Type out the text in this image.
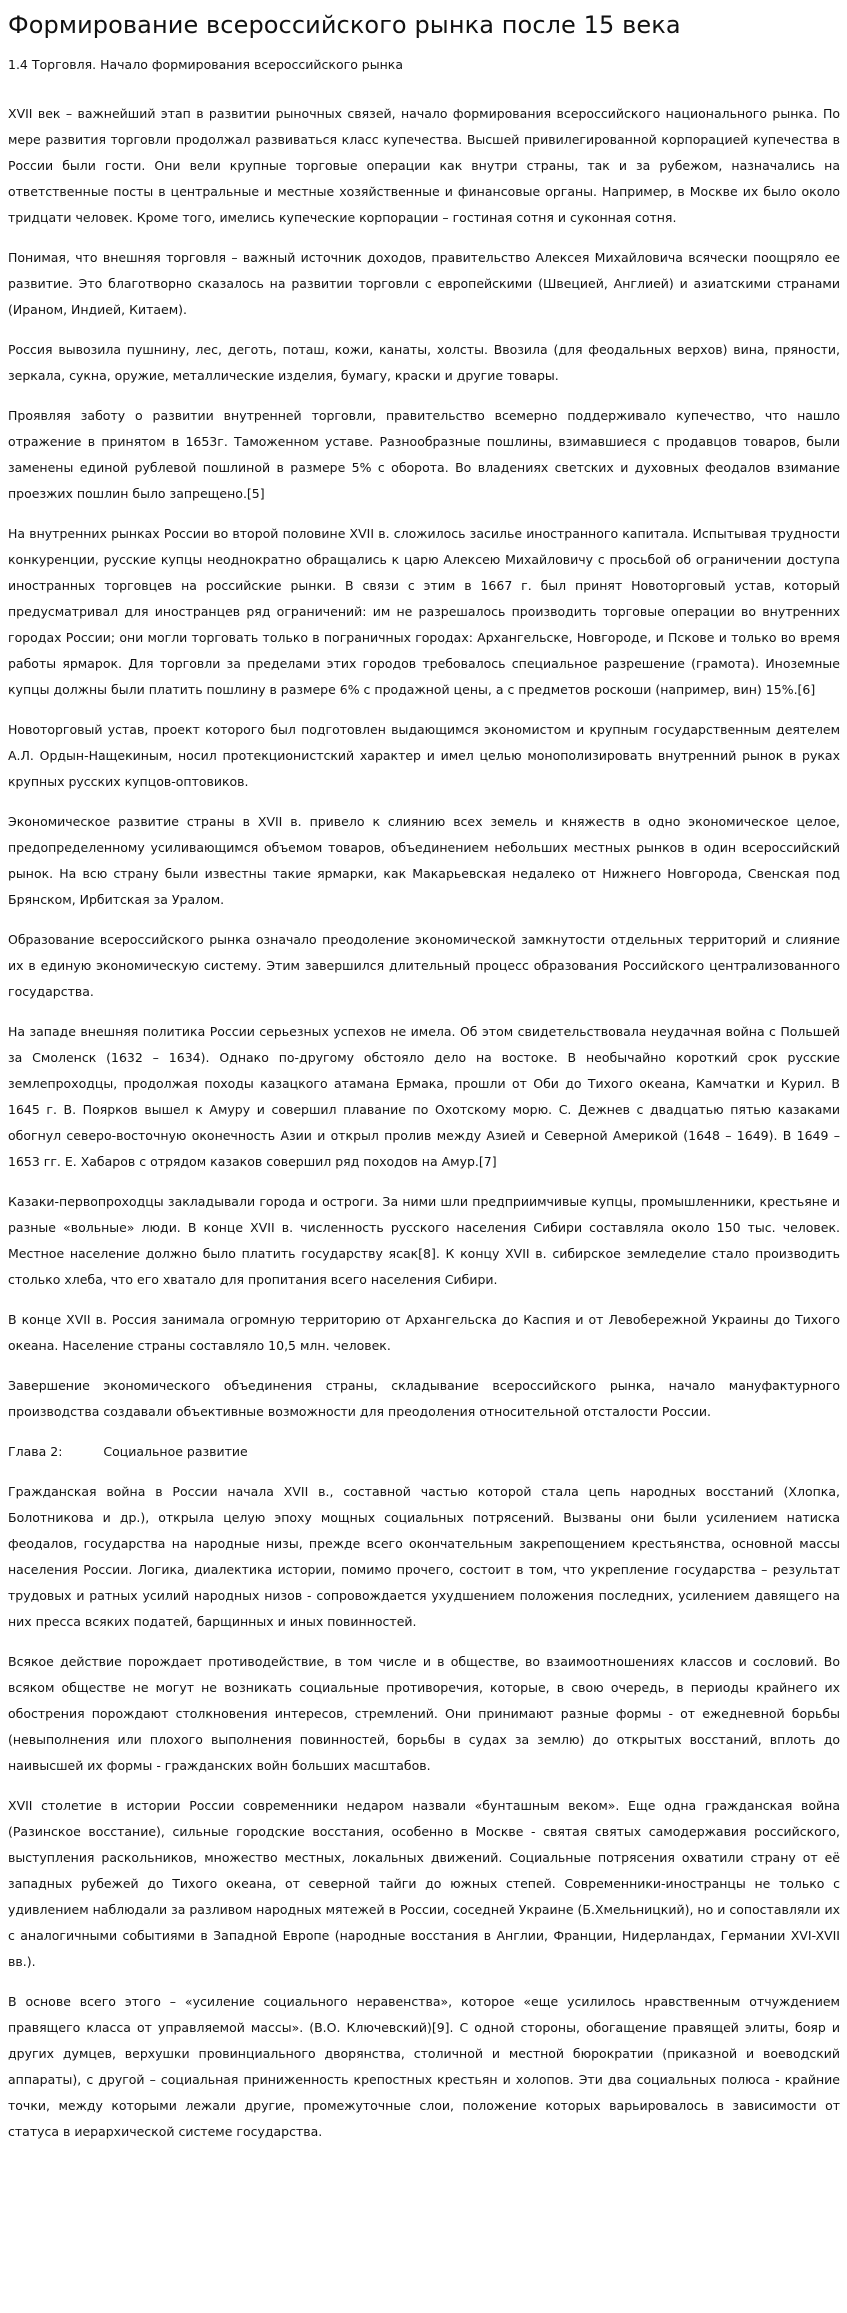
Формирование всероссийского рынка после 15 века

1.4 Торговля. Начало формирования всероссийского рынка

XVII век – важнейший этап в развитии рыночных связей, начало формирования всероссийского национального рынка. По мере развития торговли продолжал развиваться класс купечества. Высшей привилегированной корпорацией купечества в России были гости. Они вели крупные торговые операции как внутри страны, так и за рубежом, назначались на ответственные посты в центральные и местные хозяйственные и финансовые органы. Например, в Москве их было около тридцати человек. Кроме того, имелись купеческие корпорации – гостиная сотня и суконная сотня.

Понимая, что внешняя торговля – важный источник доходов, правительство Алексея Михайловича всячески поощряло ее развитие. Это благотворно сказалось на развитии торговли с европейскими (Швецией, Англией) и азиатскими странами (Ираном, Индией, Китаем).

Россия вывозила пушнину, лес, деготь, поташ, кожи, канаты, холсты. Ввозила (для феодальных верхов) вина, пряности, зеркала, сукна, оружие, металлические изделия, бумагу, краски и другие товары.

Проявляя заботу о развитии внутренней торговли, правительство всемерно поддерживало купечество, что нашло отражение в принятом в 1653г. Таможенном уставе. Разнообразные пошлины, взимавшиеся с продавцов товаров, были заменены единой рублевой пошлиной в размере 5% с оборота. Во владениях светских и духовных феодалов взимание проезжих пошлин было запрещено.[5]

На внутренних рынках России во второй половине XVII в. сложилось засилье иностранного капитала. Испытывая трудности конкуренции, русские купцы неоднократно обращались к царю Алексею Михайловичу с просьбой об ограничении доступа иностранных торговцев на российские рынки. В связи с этим в 1667 г. был принят Новоторговый устав, который предусматривал для иностранцев ряд ограничений: им не разрешалось производить торговые операции во внутренних городах России; они могли торговать только в пограничных городах: Архангельске, Новгороде, и Пскове и только во время работы ярмарок. Для торговли за пределами этих городов требовалось специальное разрешение (грамота). Иноземные купцы должны были платить пошлину в размере 6% с продажной цены, а с предметов роскоши (например, вин) 15%.[6]

Новоторговый устав, проект которого был подготовлен выдающимся экономистом и крупным государственным деятелем А.Л. Ордын-Нащекиным, носил протекционистский характер и имел целью монополизировать внутренний рынок в руках крупных русских купцов-оптовиков.

Экономическое развитие страны в XVII в. привело к слиянию всех земель и княжеств в одно экономическое целое, предопределенному усиливающимся объемом товаров, объединением небольших местных рынков в один всероссийский рынок. На всю страну были известны такие ярмарки, как Макарьевская недалеко от Нижнего Новгорода, Свенская под Брянском, Ирбитская за Уралом.

Образование всероссийского рынка означало преодоление экономической замкнутости отдельных территорий и слияние их в единую экономическую систему. Этим завершился длительный процесс образования Российского централизованного государства.

На западе внешняя политика России серьезных успехов не имела. Об этом свидетельствовала неудачная война с Польшей за Смоленск (1632 – 1634). Однако по-другому обстояло дело на востоке. В необычайно короткий срок русские землепроходцы, продолжая походы казацкого атамана Ермака, прошли от Оби до Тихого океана, Камчатки и Курил. В 1645 г. В. Поярков вышел к Амуру и совершил плавание по Охотскому морю. С. Дежнев с двадцатью пятью казаками обогнул северо-восточную оконечность Азии и открыл пролив между Азией и Северной Америкой (1648 – 1649). В 1649 – 1653 гг. Е. Хабаров с отрядом казаков совершил ряд походов на Амур.[7]

Казаки-первопроходцы закладывали города и остроги. За ними шли предприимчивые купцы, промышленники, крестьяне и разные «вольные» люди. В конце XVII в. численность русского населения Сибири составляла около 150 тыс. человек. Местное население должно было платить государству ясак[8]. К концу XVII в. сибирское земледелие стало производить столько хлеба, что его хватало для пропитания всего населения Сибири.

В конце XVII в. Россия занимала огромную территорию от Архангельска до Каспия и от Левобережной Украины до Тихого океана. Население страны составляло 10,5 млн. человек.

Завершение экономического объединения страны, складывание всероссийского рынка, начало мануфактурного производства создавали объективные возможности для преодоления относительной отсталости России.

Глава 2:		Социальное развитие

Гражданская война в России начала XVII в., составной частью которой стала цепь народных восстаний (Хлопка, Болотникова и др.), открыла целую эпоху мощных социальных потрясений. Вызваны они были усилением натиска феодалов, государства на народные низы, прежде всего окончательным закрепощением крестьянства, основной массы населения России. Логика, диалектика истории, помимо прочего, состоит в том, что укрепление государства – результат трудовых и ратных усилий народных низов - сопровождается ухудшением положения последних, усилением давящего на них пресса всяких податей, барщинных и иных повинностей.

Всякое действие порождает противодействие, в том числе и в обществе, во взаимоотношениях классов и сословий. Во всяком обществе не могут не возникать социальные противоречия, которые, в свою очередь, в периоды крайнего их обострения порождают столкновения интересов, стремлений. Они принимают разные формы - от ежедневной борьбы (невыполнения или плохого выполнения повинностей, борьбы в судах за землю) до открытых восстаний, вплоть до наивысшей их формы - гражданских войн больших масштабов.

XVII столетие в истории России современники недаром назвали «бунташным веком». Еще одна гражданская война (Разинское восстание), сильные городские восстания, особенно в Москве - святая святых самодержавия российского, выступления раскольников, множество местных, локальных движений. Социальные потрясения охватили страну от её западных рубежей до Тихого океана, от северной тайги до южных степей. Современники-иностранцы не только с удивлением наблюдали за разливом народных мятежей в России, соседней Украине (Б.Хмельницкий), но и сопоставляли их с аналогичными событиями в Западной Европе (народные восстания в Англии, Франции, Нидерландах, Германии XVI-XVII вв.).

В основе всего этого – «усиление социального неравенства», которое «еще усилилось нравственным отчуждением правящего класса от управляемой массы». (В.О. Ключевский)[9]. С одной стороны, обогащение правящей элиты, бояр и других думцев, верхушки провинциального дворянства, столичной и местной бюрократии (приказной и воеводский аппараты), с другой – социальная приниженность крепостных крестьян и холопов. Эти два социальных полюса - крайние точки, между которыми лежали другие, промежуточные слои, положение которых варьировалось в зависимости от статуса в иерархической системе государства.
